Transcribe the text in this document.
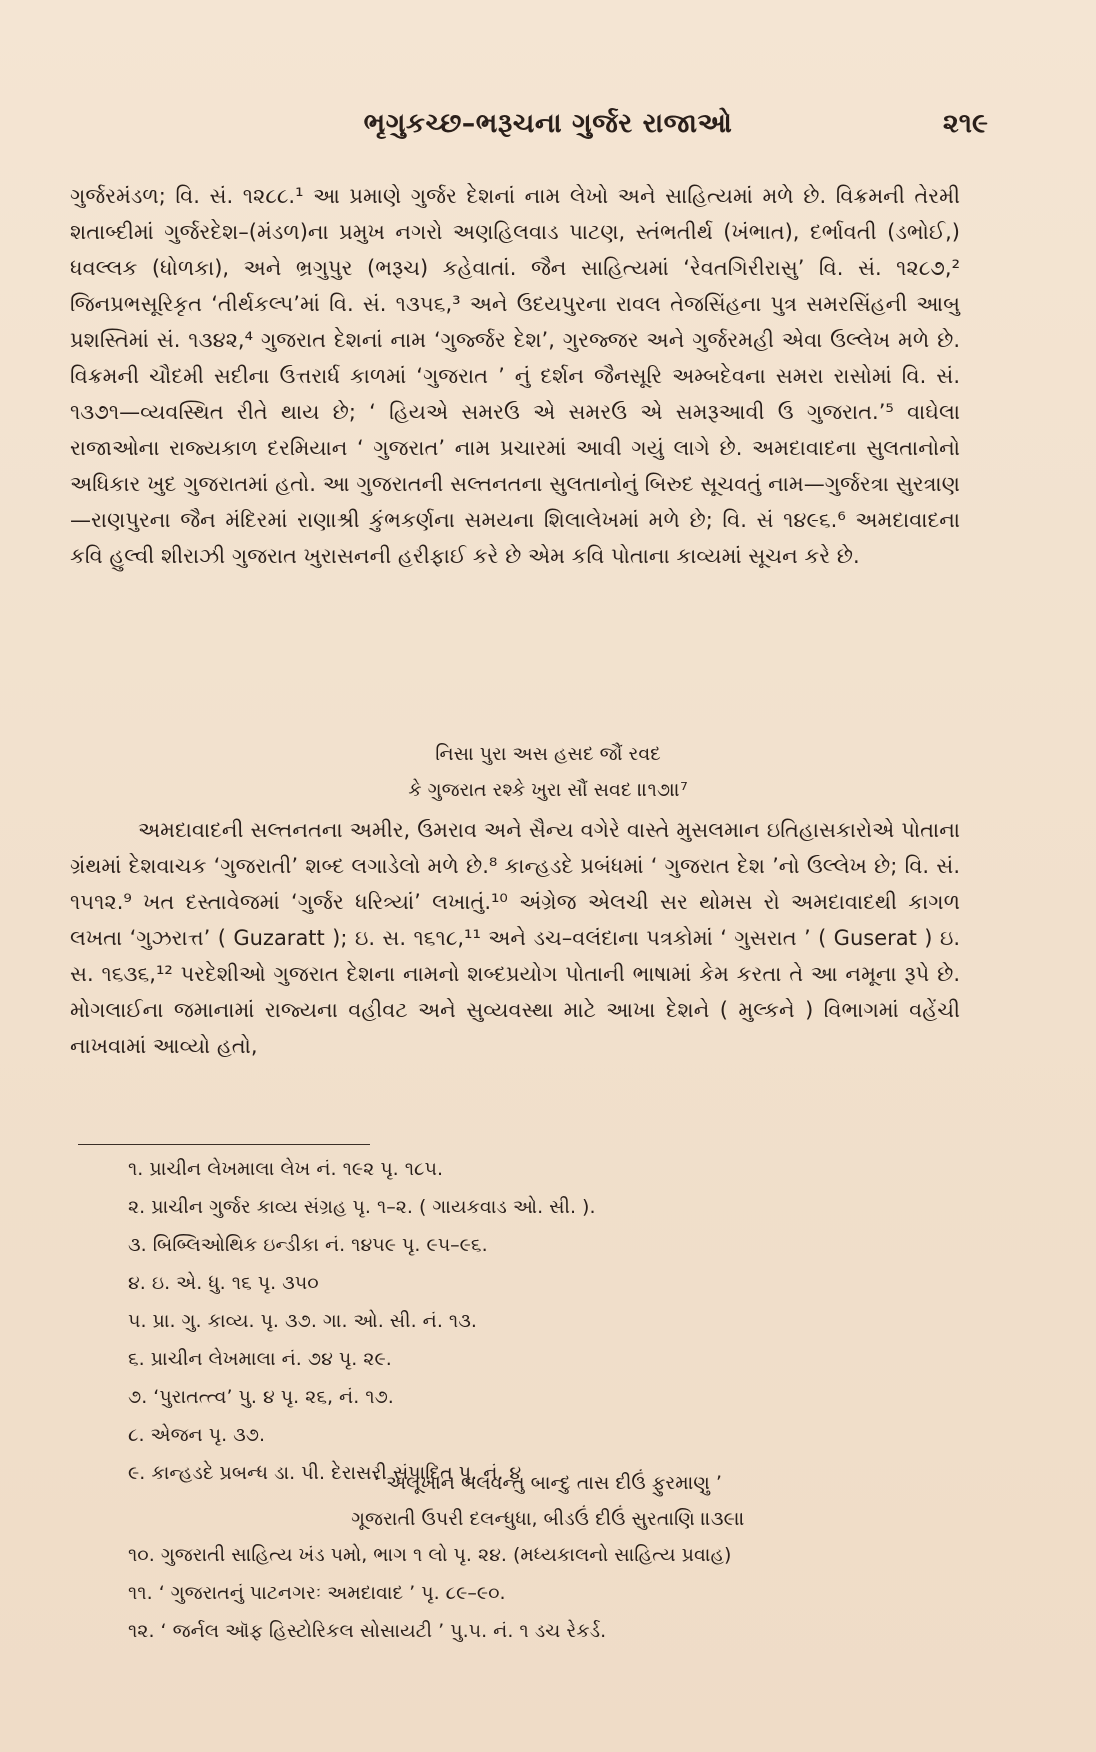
ભૃગુકચ્છ–ભરૂચના ગુર્જર રાજાઓ	૨૧૯

ગુર્જરમંડળ; વિ. સં. ૧૨૮૮.¹ આ પ્રમાણે ગુર્જર દેશનાં નામ લેખો અને સાહિત્યમાં મળે છે. વિક્રમની તેરમી શતાબ્દીમાં ગુર્જરદેશ–(મંડળ)ના પ્રમુખ નગરો અણહિલવાડ પાટણ, સ્તંભતીર્થ (ખંભાત), દર્ભાવતી (ડભોઈ,) ધવલ્લક (ધોળકા), અને ભ્રગુપુર (ભરૂચ) કહેવાતાં. જૈન સાહિત્યમાં ‘રેવતગિરીરાસુ’ વિ. સં. ૧૨૮૭,² જિનપ્રભસૂરિકૃત ‘તીર્થકલ્પ’માં વિ. સં. ૧૩૫૬,³ અને ઉદયપુરના રાવલ તેજસિંહના પુત્ર સમરસિંહની આબુ પ્રશસ્તિમાં સં. ૧૩૪૨,⁴ ગુજરાત દેશનાં નામ ‘ગુર્જ્જર દેશ’, ગુરજ્જર અને ગુર્જરમહી એવા ઉલ્લેખ મળે છે. વિક્રમની ચૌદમી સદીના ઉત્તરાર્ધ કાળમાં ‘ગુજરાત ’ નું દર્શન જૈનસૂરિ અમ્બદેવના સમરા રાસોમાં વિ. સં. ૧૩૭૧—વ્યવસ્થિત રીતે થાય છે; ‘ હિયએ સમરઉ એ સમરઉ એ સમરૂઆવી ઉ ગુજરાત.’⁵ વાઘેલા રાજાઓના રાજ્યકાળ દરમિયાન ‘ ગુજરાત’ નામ પ્રચારમાં આવી ગયું લાગે છે. અમદાવાદના સુલતાનોનો અધિકાર ખુદ ગુજરાતમાં હતો. આ ગુજરાતની સલ્તનતના સુલતાનોનું બિરુદ સૂચવતું નામ—ગુર્જરત્રા સુરત્રાણ—રાણપુરના જૈન મંદિરમાં રાણાશ્રી કુંભકર્ણના સમયના શિલાલેખમાં મળે છે; વિ. સં ૧૪૯૬.⁶ અમદાવાદના કવિ હુલ્વી શીરાઝી ગુજરાત ખુરાસનની હરીફાઈ કરે છે એમ કવિ પોતાના કાવ્યમાં સૂચન કરે છે.

નિસા પુરા અસ હસદ જૌં રવદ
કે ગુજરાત રશ્કે ખુરા સૌં સવદ ॥૧૭॥⁷

અમદાવાદની સલ્તનતના અમીર, ઉમરાવ અને સૈન્ય વગેરે વાસ્તે મુસલમાન ઇતિહાસકારોએ પોતાના ગ્રંથમાં દેશવાચક ‘ગુજરાતી’ શબ્દ લગાડેલો મળે છે.⁸ કાન્હડદે પ્રબંધમાં ‘ ગુજરાત દેશ ’નો ઉલ્લેખ છે; વિ. સં. ૧૫૧૨.⁹ ખત દસ્તાવેજમાં ‘ગુર્જર ધરિત્ર્યાં’ લખાતું.¹⁰ અંગ્રેજ એલચી સર થોમસ રો અમદાવાદથી કાગળ લખતા ‘ગુઝરાત્ત’ ( Guzaratt ); ઇ. સ. ૧૬૧૮,¹¹ અને ડચ–વલંદાના પત્રકોમાં ‘ ગુસરાત ’ ( Guserat ) ઇ. સ. ૧૬૩૬,¹² પરદેશીઓ ગુજરાત દેશના નામનો શબ્દપ્રયોગ પોતાની ભાષામાં કેમ કરતા તે આ નમૂના રૂપે છે. મોગલાઈના જમાનામાં રાજ્યના વહીવટ અને સુવ્યવસ્થા માટે આખા દેશને ( મુલ્કને ) વિભાગમાં વહેંચી નાખવામાં આવ્યો હતો,

૧. પ્રાચીન લેખમાલા લેખ નં. ૧૯૨ પૃ. ૧૮૫.
૨. પ્રાચીન ગુર્જર કાવ્ય સંગ્રહ પૃ. ૧–૨. ( ગાયકવાડ ઓ. સી. ).
૩. બિબ્લિઓથિક ઇન્ડીકા નં. ૧૪૫૯ પૃ. ૯૫–૯૬.
૪. ઇ. એ. ધુ. ૧૬ પૃ. ૩૫૦
૫. પ્રા. ગુ. કાવ્ય. પૃ. ૩૭. ગા. ઓ. સી. નં. ૧૩.
૬. પ્રાચીન લેખમાલા નં. ૭૪ પૃ. ૨૯.
૭. ‘પુરાતત્ત્વ’ પુ. ૪ પૃ. ૨૬, નં. ૧૭.
૮. એજન પૃ. ૩૭.
૯. કાન્હડદે પ્રબન્ધ ડા. પી. દેરાસરી સંપાદિત પૃ. નં. ૪
‘ અલૂખાન બલવન્તુ બાન્દુ તાસ દીઉં ફુરમાણુ ’
ગૂજરાતી ઉપરી દલન્ધુધા, બીડઉં દીઉં સુરતાણિ ॥૩૯॥
૧૦. ગુજરાતી સાહિત્ય ખંડ પમો, ભાગ ૧ લો પૃ. ૨૪. (મધ્યકાલનો સાહિત્ય પ્રવાહ)
૧૧. ‘ ગુજરાતનું પાટનગરઃ અમદાવાદ ’ પૃ. ૮૯–૯૦.
૧૨. ‘ જર્નલ ઑફ હિસ્ટોરિકલ સોસાયટી ’ પુ.૫. નં. ૧ ડચ રેકર્ડ.
